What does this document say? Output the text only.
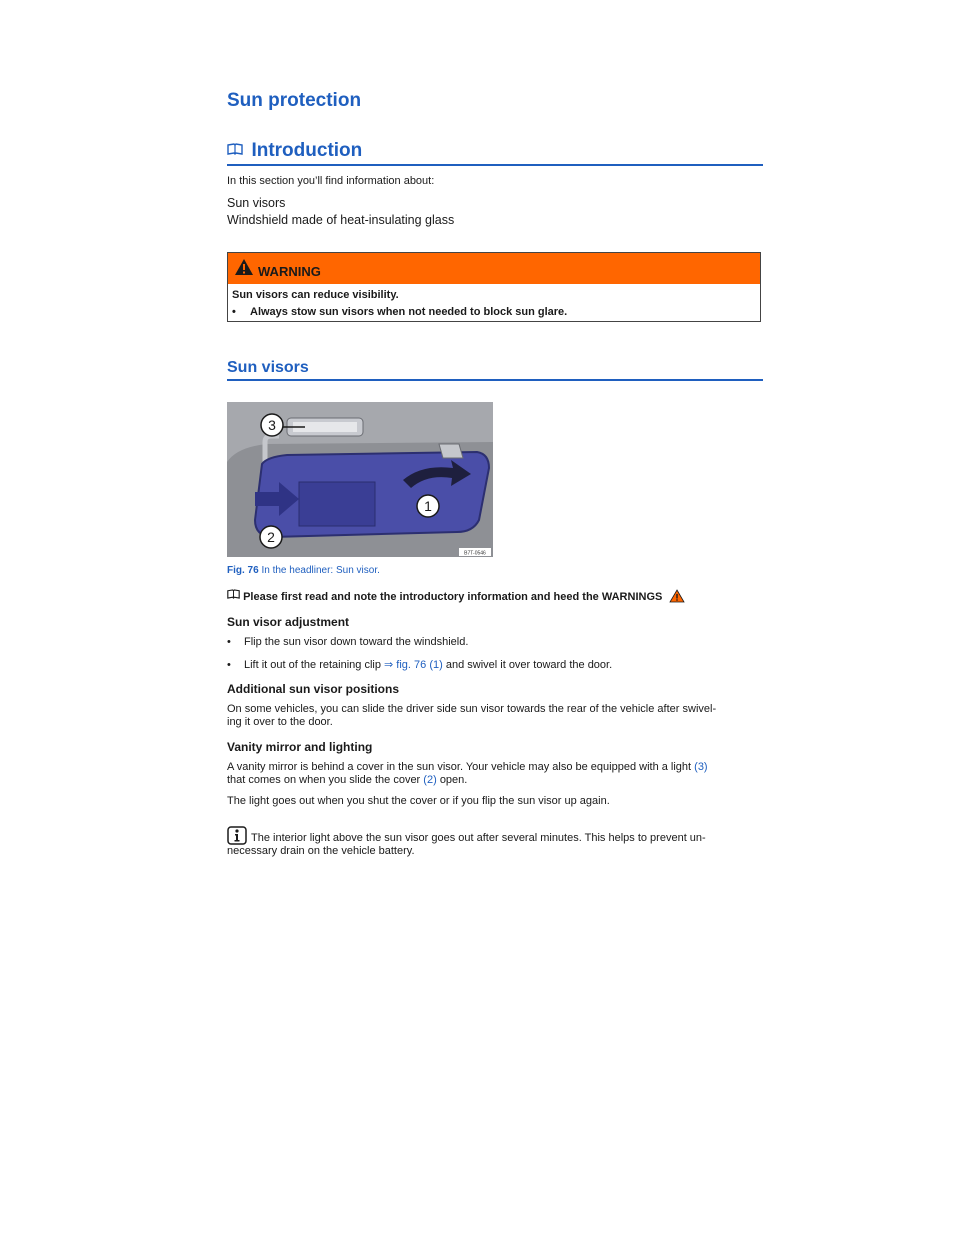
Sun protection
Introduction
In this section you’ll find information about:
Sun visors
Windshield made of heat-insulating glass
WARNING
Sun visors can reduce visibility.
• Always stow sun visors when not needed to block sun glare.
Sun visors
3
1
2
B7T-0546
Fig. 76 In the headliner: Sun visor.
Please first read and note the introductory information and heed the WARNINGS
Sun visor adjustment
• Flip the sun visor down toward the windshield.
• Lift it out of the retaining clip ⇒ fig. 76 (1) and swivel it over toward the door.
Additional sun visor positions
On some vehicles, you can slide the driver side sun visor towards the rear of the vehicle after swivel-
ing it over to the door.
Vanity mirror and lighting
A vanity mirror is behind a cover in the sun visor. Your vehicle may also be equipped with a light (3)
that comes on when you slide the cover (2) open.
The light goes out when you shut the cover or if you flip the sun visor up again.
The interior light above the sun visor goes out after several minutes. This helps to prevent un-
necessary drain on the vehicle battery.
